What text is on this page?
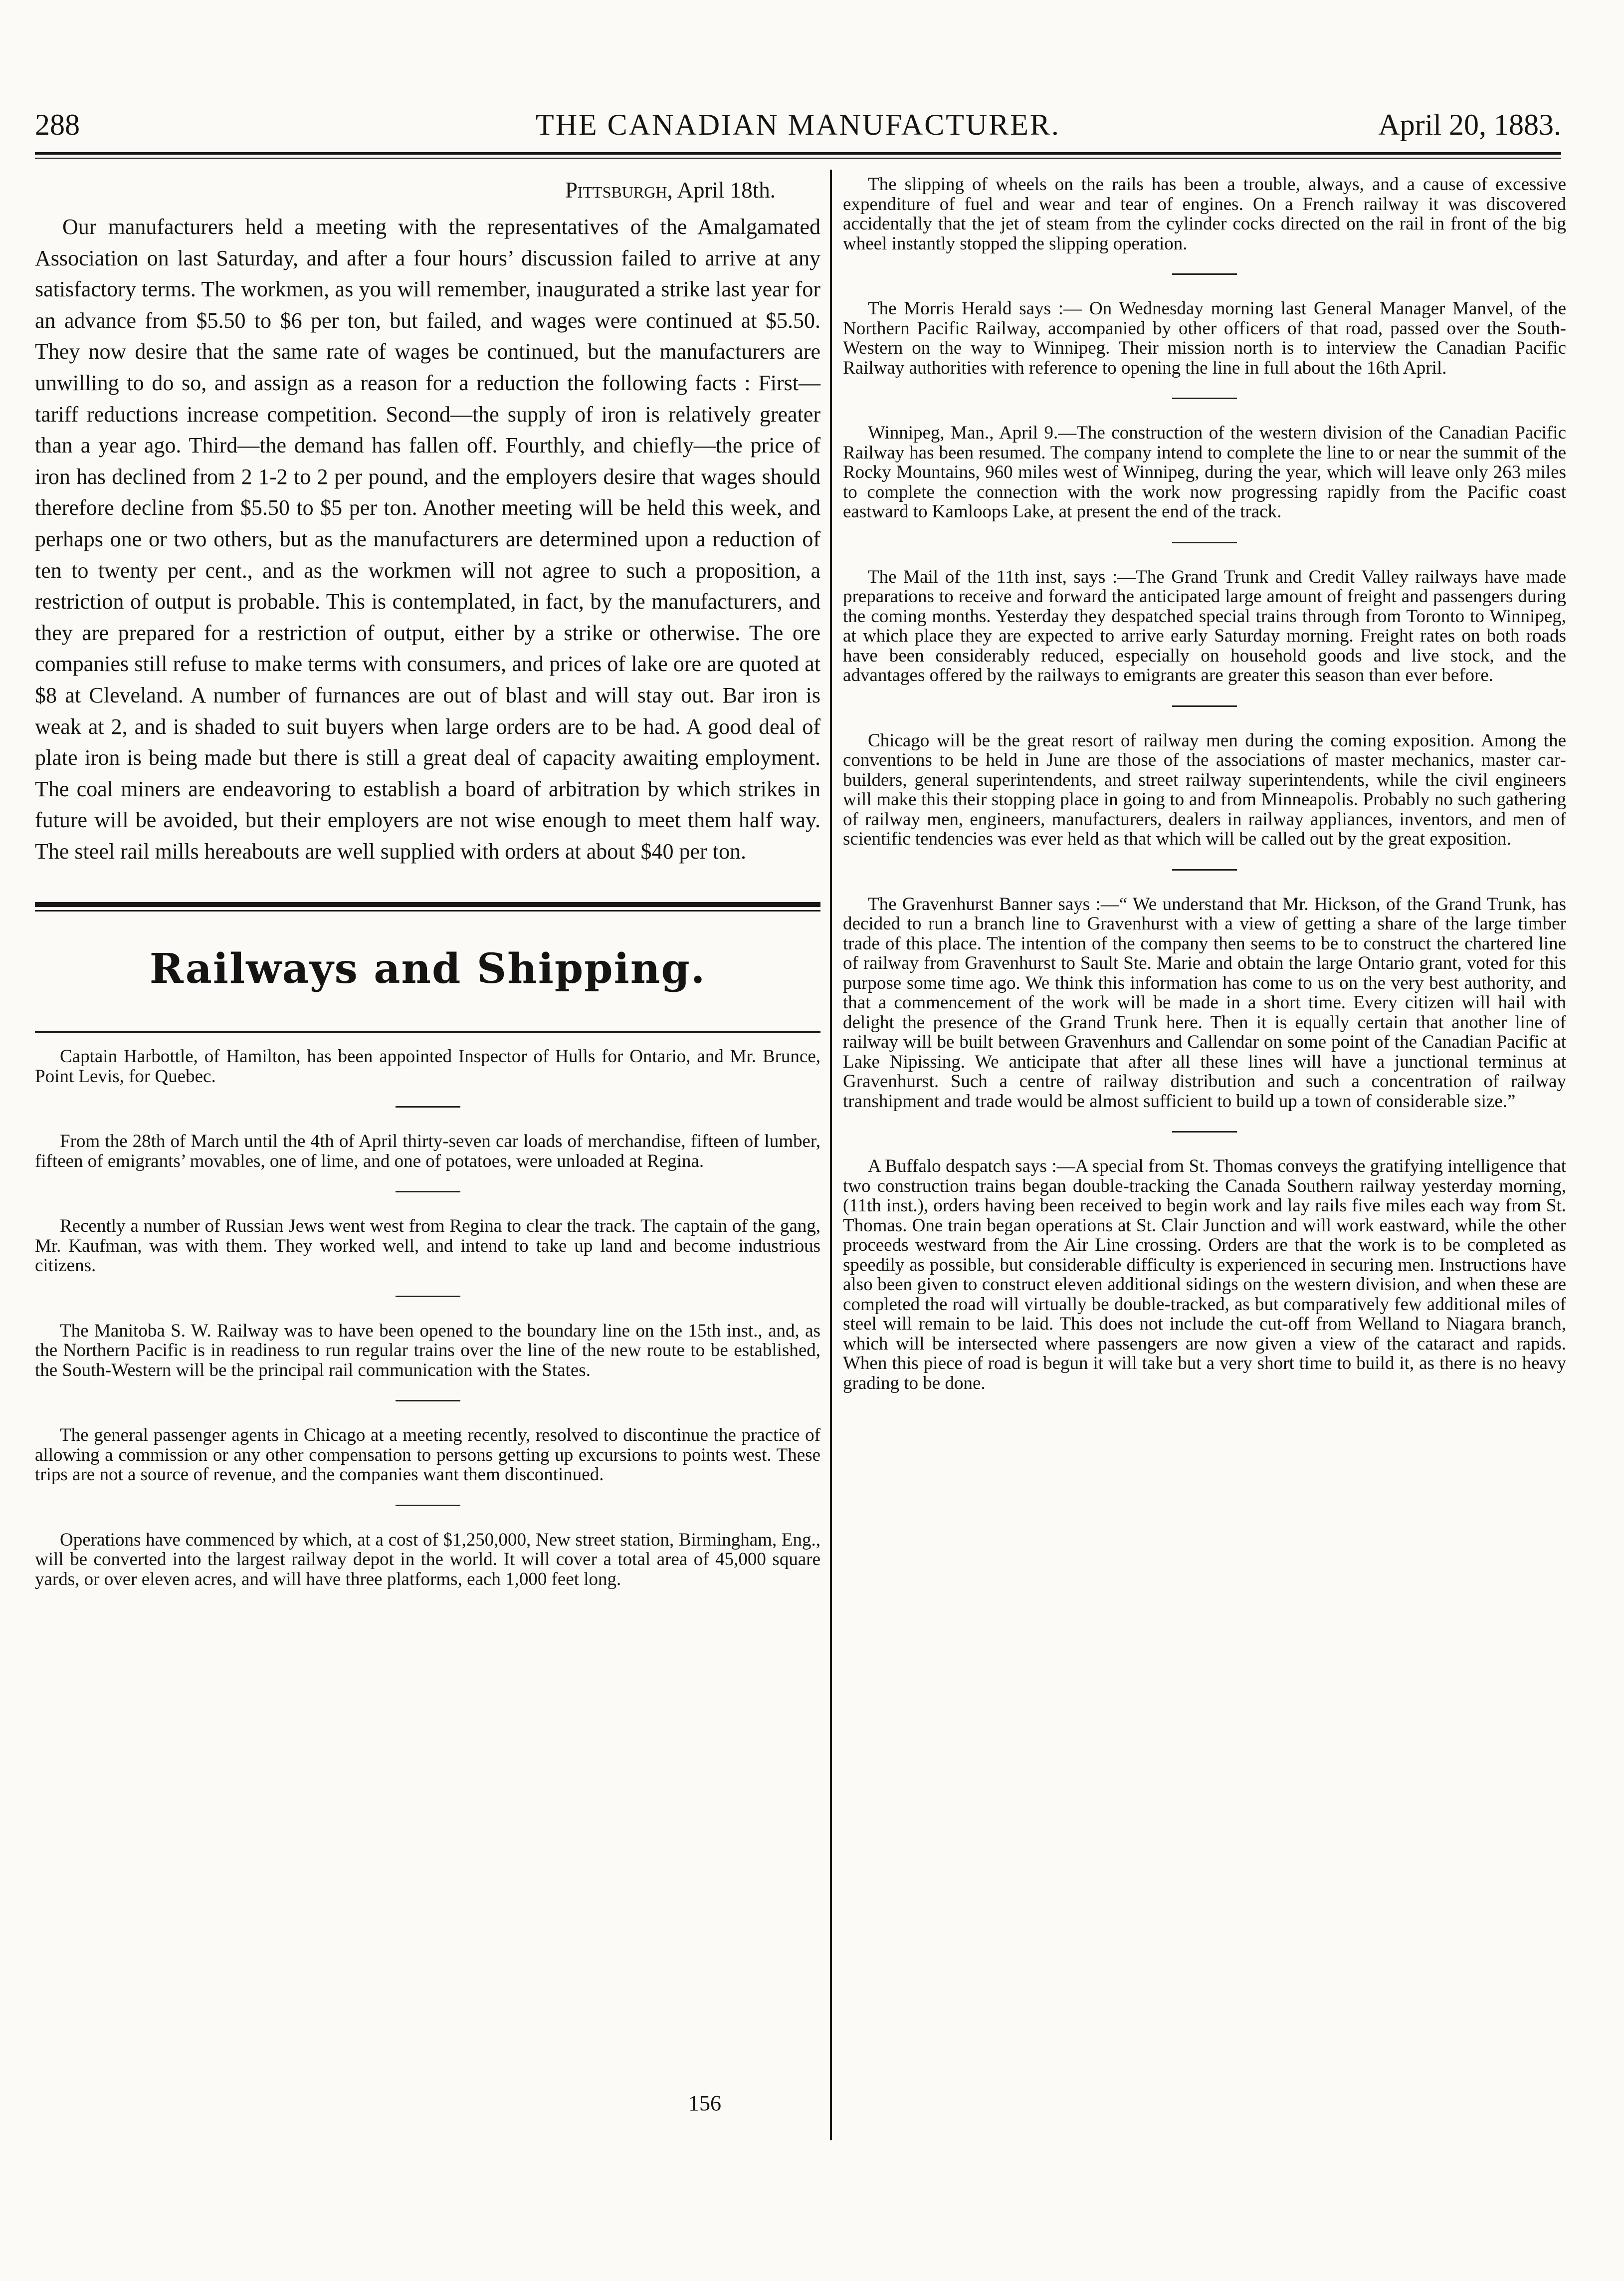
288	THE CANADIAN MANUFACTURER.	April 20, 1883.
Pittsburgh, April 18th.

Our manufacturers held a meeting with the representatives of the Amalgamated Association on last Saturday, and after a four hours’ discussion failed to arrive at any satisfactory terms. The workmen, as you will remember, inaugurated a strike last year for an advance from $5.50 to $6 per ton, but failed, and wages were continued at $5.50. They now desire that the same rate of wages be continued, but the manufacturers are unwilling to do so, and assign as a reason for a reduction the following facts : First—tariff reductions increase competition. Second—the supply of iron is relatively greater than a year ago. Third—the demand has fallen off. Fourthly, and chiefly—the price of iron has declined from 2 1-2 to 2 per pound, and the employers desire that wages should therefore decline from $5.50 to $5 per ton. Another meeting will be held this week, and perhaps one or two others, but as the manufacturers are determined upon a reduction of ten to twenty per cent., and as the workmen will not agree to such a proposition, a restriction of output is probable. This is contemplated, in fact, by the manufacturers, and they are prepared for a restriction of output, either by a strike or otherwise. The ore companies still refuse to make terms with consumers, and prices of lake ore are quoted at $8 at Cleveland. A number of furnances are out of blast and will stay out. Bar iron is weak at 2, and is shaded to suit buyers when large orders are to be had. A good deal of plate iron is being made but there is still a great deal of capacity awaiting employment. The coal miners are endeavoring to establish a board of arbitration by which strikes in future will be avoided, but their employers are not wise enough to meet them half way. The steel rail mills hereabouts are well supplied with orders at about $40 per ton.

Railways and Shipping.

Captain Harbottle, of Hamilton, has been appointed Inspector of Hulls for Ontario, and Mr. Brunce, Point Levis, for Quebec.

From the 28th of March until the 4th of April thirty-seven car loads of merchandise, fifteen of lumber, fifteen of emigrants’ movables, one of lime, and one of potatoes, were unloaded at Regina.

Recently a number of Russian Jews went west from Regina to clear the track. The captain of the gang, Mr. Kaufman, was with them. They worked well, and intend to take up land and become industrious citizens.

The Manitoba S. W. Railway was to have been opened to the boundary line on the 15th inst., and, as the Northern Pacific is in readiness to run regular trains over the line of the new route to be established, the South-Western will be the principal rail communication with the States.

The general passenger agents in Chicago at a meeting recently, resolved to discontinue the practice of allowing a commission or any other compensation to persons getting up excursions to points west. These trips are not a source of revenue, and the companies want them discontinued.

Operations have commenced by which, at a cost of $1,250,000, New street station, Birmingham, Eng., will be converted into the largest railway depot in the world. It will cover a total area of 45,000 square yards, or over eleven acres, and will have three platforms, each 1,000 feet long.

The slipping of wheels on the rails has been a trouble, always, and a cause of excessive expenditure of fuel and wear and tear of engines. On a French railway it was discovered accidentally that the jet of steam from the cylinder cocks directed on the rail in front of the big wheel instantly stopped the slipping operation.

The Morris Herald says :— On Wednesday morning last General Manager Manvel, of the Northern Pacific Railway, accompanied by other officers of that road, passed over the South-Western on the way to Winnipeg. Their mission north is to interview the Canadian Pacific Railway authorities with reference to opening the line in full about the 16th April.

Winnipeg, Man., April 9.—The construction of the western division of the Canadian Pacific Railway has been resumed. The company intend to complete the line to or near the summit of the Rocky Mountains, 960 miles west of Winnipeg, during the year, which will leave only 263 miles to complete the connection with the work now progressing rapidly from the Pacific coast eastward to Kamloops Lake, at present the end of the track.

The Mail of the 11th inst, says :—The Grand Trunk and Credit Valley railways have made preparations to receive and forward the anticipated large amount of freight and passengers during the coming months. Yesterday they despatched special trains through from Toronto to Winnipeg, at which place they are expected to arrive early Saturday morning. Freight rates on both roads have been considerably reduced, especially on household goods and live stock, and the advantages offered by the railways to emigrants are greater this season than ever before.

Chicago will be the great resort of railway men during the coming exposition. Among the conventions to be held in June are those of the associations of master mechanics, master car-builders, general superintendents, and street railway superintendents, while the civil engineers will make this their stopping place in going to and from Minneapolis. Probably no such gathering of railway men, engineers, manufacturers, dealers in railway appliances, inventors, and men of scientific tendencies was ever held as that which will be called out by the great exposition.

The Gravenhurst Banner says :—“ We understand that Mr. Hickson, of the Grand Trunk, has decided to run a branch line to Gravenhurst with a view of getting a share of the large timber trade of this place. The intention of the company then seems to be to construct the chartered line of railway from Gravenhurst to Sault Ste. Marie and obtain the large Ontario grant, voted for this purpose some time ago. We think this information has come to us on the very best authority, and that a commencement of the work will be made in a short time. Every citizen will hail with delight the presence of the Grand Trunk here. Then it is equally certain that another line of railway will be built between Gravenhurs and Callendar on some point of the Canadian Pacific at Lake Nipissing. We anticipate that after all these lines will have a junctional terminus at Gravenhurst. Such a centre of railway distribution and such a concentration of railway transhipment and trade would be almost sufficient to build up a town of considerable size.”

A Buffalo despatch says :—A special from St. Thomas conveys the gratifying intelligence that two construction trains began double-tracking the Canada Southern railway yesterday morning, (11th inst.), orders having been received to begin work and lay rails five miles each way from St. Thomas. One train began operations at St. Clair Junction and will work eastward, while the other proceeds westward from the Air Line crossing. Orders are that the work is to be completed as speedily as possible, but considerable difficulty is experienced in securing men. Instructions have also been given to construct eleven additional sidings on the western division, and when these are completed the road will virtually be double-tracked, as but comparatively few additional miles of steel will remain to be laid. This does not include the cut-off from Welland to Niagara branch, which will be intersected where passengers are now given a view of the cataract and rapids. When this piece of road is begun it will take but a very short time to build it, as there is no heavy grading to be done.

156
